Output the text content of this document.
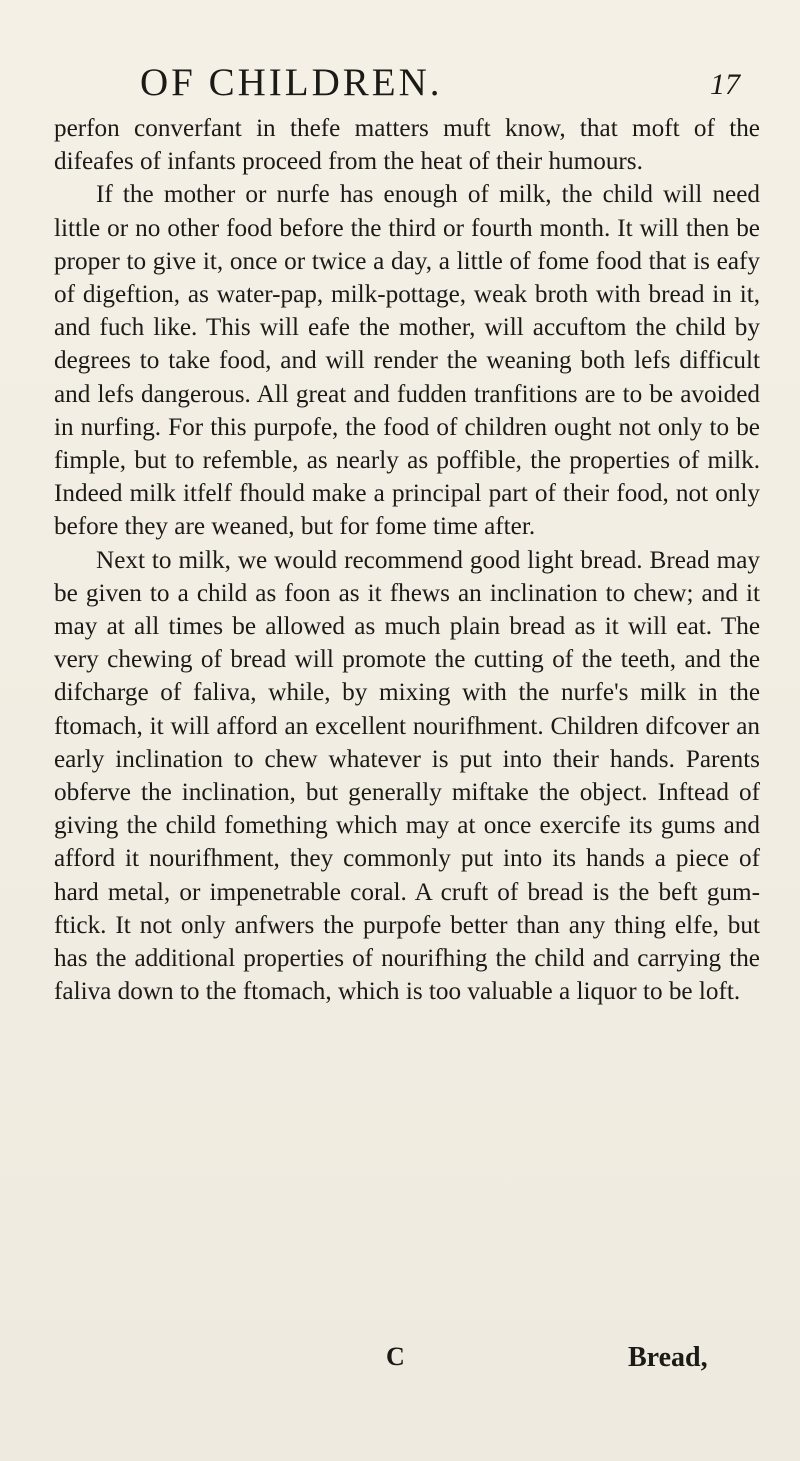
OF CHILDREN.	17

perfon converfant in thefe matters muft know, that moft of the difeafes of infants proceed from the heat of their humours.

If the mother or nurfe has enough of milk, the child will need little or no other food before the third or fourth month. It will then be proper to give it, once or twice a day, a little of fome food that is eafy of digeftion, as water-pap, milk-pottage, weak broth with bread in it, and fuch like. This will eafe the mother, will accuftom the child by degrees to take food, and will render the weaning both lefs difficult and lefs dangerous. All great and fudden tranfitions are to be avoided in nurfing. For this purpofe, the food of children ought not only to be fimple, but to refemble, as nearly as poffible, the properties of milk. Indeed milk itfelf fhould make a principal part of their food, not only before they are weaned, but for fome time after.

Next to milk, we would recommend good light bread. Bread may be given to a child as foon as it fhews an inclination to chew; and it may at all times be allowed as much plain bread as it will eat. The very chewing of bread will promote the cutting of the teeth, and the difcharge of faliva, while, by mixing with the nurfe's milk in the ftomach, it will afford an excellent nourifhment. Children difcover an early inclination to chew whatever is put into their hands. Parents obferve the inclination, but generally miftake the object. Inftead of giving the child fomething which may at once exercife its gums and afford it nourifhment, they commonly put into its hands a piece of hard metal, or impenetrable coral. A cruft of bread is the beft gum-ftick. It not only anfwers the purpofe better than any thing elfe, but has the additional properties of nourifhing the child and carrying the faliva down to the ftomach, which is too valuable a liquor to be loft.

C	Bread,
